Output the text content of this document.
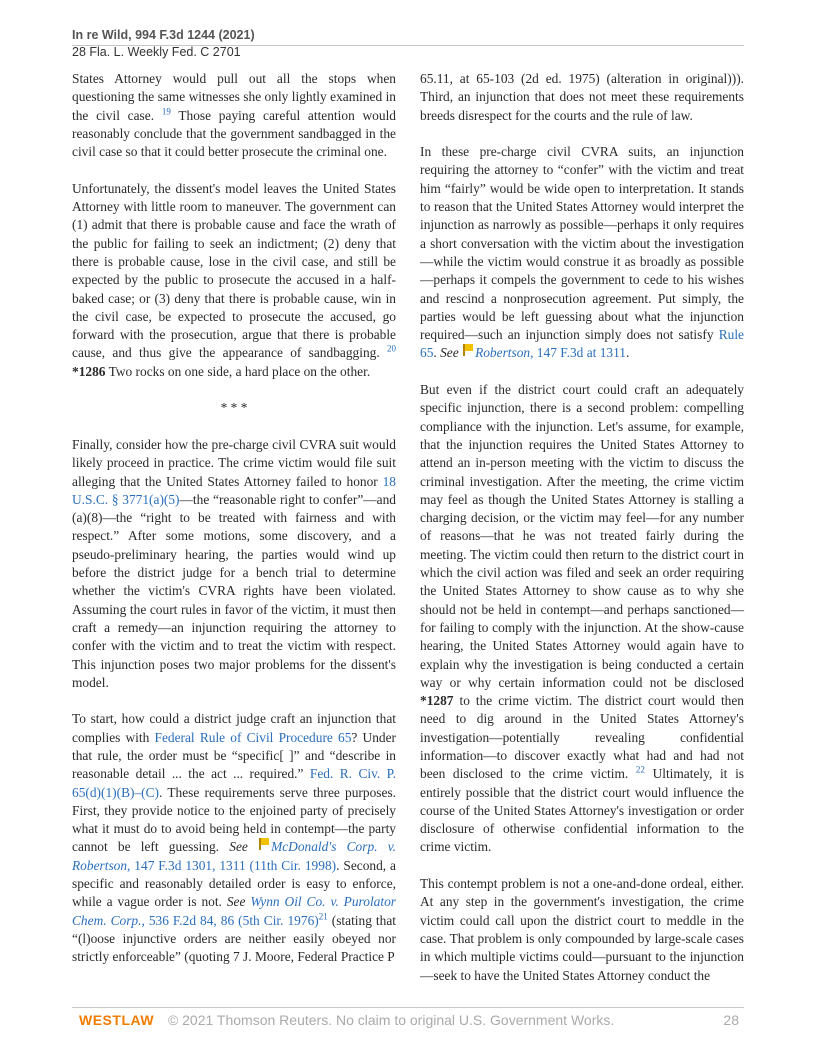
In re Wild, 994 F.3d 1244 (2021)
28 Fla. L. Weekly Fed. C 2701

States Attorney would pull out all the stops when questioning the same witnesses she only lightly examined in the civil case. $^{19}$ Those paying careful attention would reasonably conclude that the government sandbagged in the civil case so that it could better prosecute the criminal one.

Unfortunately, the dissent's model leaves the United States Attorney with little room to maneuver. The government can (1) admit that there is probable cause and face the wrath of the public for failing to seek an indictment; (2) deny that there is probable cause, lose in the civil case, and still be expected by the public to prosecute the accused in a half-baked case; or (3) deny that there is probable cause, win in the civil case, be expected to prosecute the accused, go forward with the prosecution, argue that there is probable cause, and thus give the appearance of sandbagging. $^{20}$ *1286 Two rocks on one side, a hard place on the other.

* * *

Finally, consider how the pre-charge civil CVRA suit would likely proceed in practice. The crime victim would file suit alleging that the United States Attorney failed to honor 18 U.S.C. § 3771(a)(5)—the “reasonable right to confer”—and (a)(8)—the “right to be treated with fairness and with respect.” After some motions, some discovery, and a pseudo-preliminary hearing, the parties would wind up before the district judge for a bench trial to determine whether the victim's CVRA rights have been violated. Assuming the court rules in favor of the victim, it must then craft a remedy—an injunction requiring the attorney to confer with the victim and to treat the victim with respect. This injunction poses two major problems for the dissent's model.

To start, how could a district judge craft an injunction that complies with Federal Rule of Civil Procedure 65? Under that rule, the order must be “specific[ ]” and “describe in reasonable detail ... the act ... required.” Fed. R. Civ. P. 65(d)(1)(B)–(C). These requirements serve three purposes. First, they provide notice to the enjoined party of precisely what it must do to avoid being held in contempt—the party cannot be left guessing. See McDonald's Corp. v. Robertson, 147 F.3d 1301, 1311 (11th Cir. 1998). Second, a specific and reasonably detailed order is easy to enforce, while a vague order is not. See Wynn Oil Co. v. Purolator Chem. Corp., 536 F.2d 84, 86 (5th Cir. 1976)$^{21}$ (stating that “(l)oose injunctive orders are neither easily obeyed nor strictly enforceable” (quoting 7 J. Moore, Federal Practice P

65.11, at 65-103 (2d ed. 1975) (alteration in original))). Third, an injunction that does not meet these requirements breeds disrespect for the courts and the rule of law.

In these pre-charge civil CVRA suits, an injunction requiring the attorney to “confer” with the victim and treat him “fairly” would be wide open to interpretation. It stands to reason that the United States Attorney would interpret the injunction as narrowly as possible—perhaps it only requires a short conversation with the victim about the investigation—while the victim would construe it as broadly as possible—perhaps it compels the government to cede to his wishes and rescind a nonprosecution agreement. Put simply, the parties would be left guessing about what the injunction required—such an injunction simply does not satisfy Rule 65. See Robertson, 147 F.3d at 1311.

But even if the district court could craft an adequately specific injunction, there is a second problem: compelling compliance with the injunction. Let's assume, for example, that the injunction requires the United States Attorney to attend an in-person meeting with the victim to discuss the criminal investigation. After the meeting, the crime victim may feel as though the United States Attorney is stalling a charging decision, or the victim may feel—for any number of reasons—that he was not treated fairly during the meeting. The victim could then return to the district court in which the civil action was filed and seek an order requiring the United States Attorney to show cause as to why she should not be held in contempt—and perhaps sanctioned—for failing to comply with the injunction. At the show-cause hearing, the United States Attorney would again have to explain why the investigation is being conducted a certain way or why certain information could not be disclosed *1287 to the crime victim. The district court would then need to dig around in the United States Attorney's investigation—potentially revealing confidential information—to discover exactly what had and had not been disclosed to the crime victim. $^{22}$ Ultimately, it is entirely possible that the district court would influence the course of the United States Attorney's investigation or order disclosure of otherwise confidential information to the crime victim.

This contempt problem is not a one-and-done ordeal, either. At any step in the government's investigation, the crime victim could call upon the district court to meddle in the case. That problem is only compounded by large-scale cases in which multiple victims could—pursuant to the injunction—seek to have the United States Attorney conduct the

WESTLAW © 2021 Thomson Reuters. No claim to original U.S. Government Works.	28
